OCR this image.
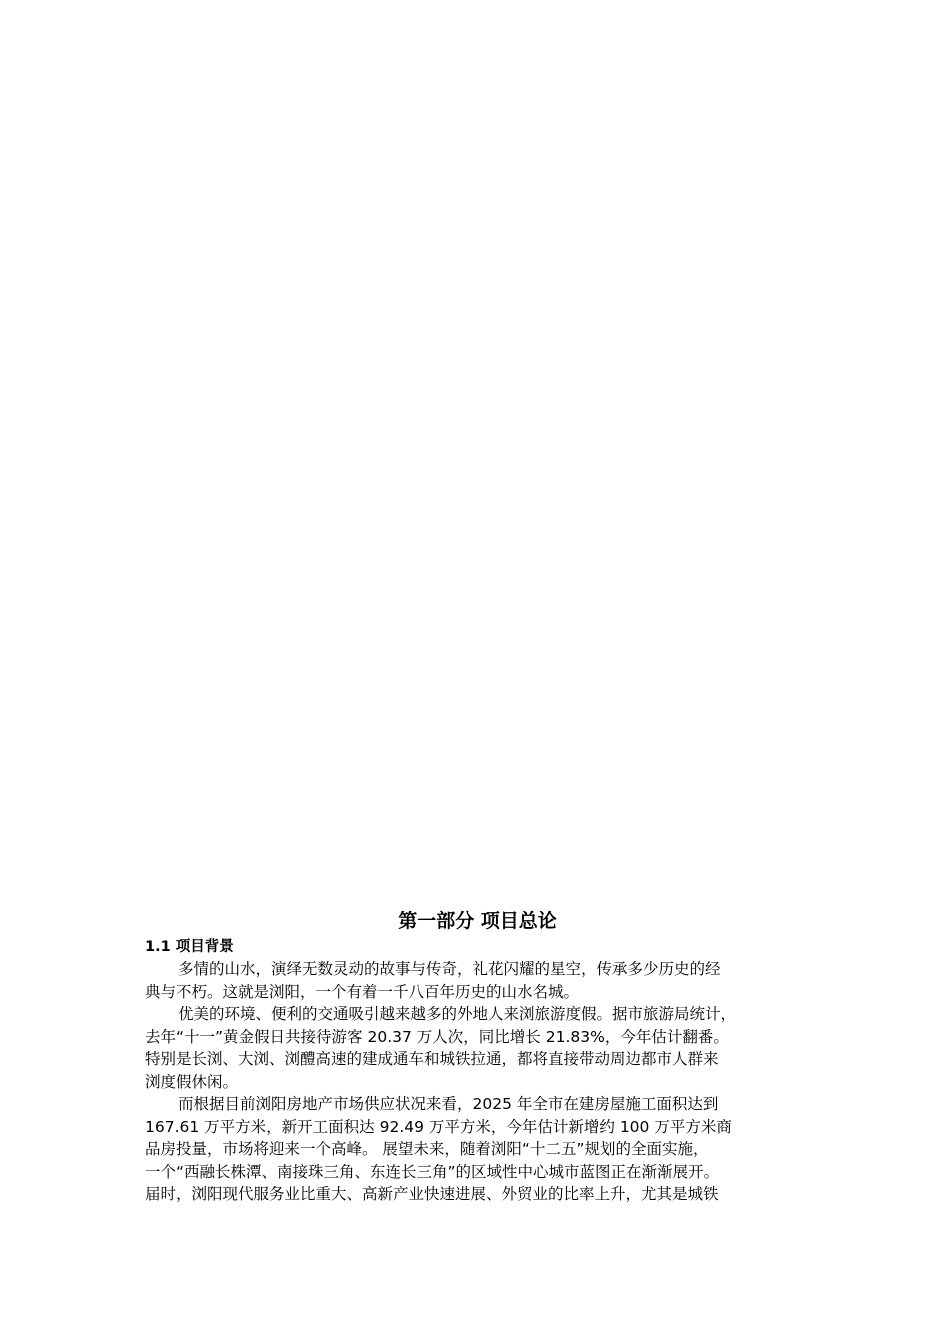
第一部分 项目总论
1.1 项目背景
多情的山水，演绎无数灵动的故事与传奇，礼花闪耀的星空，传承多少历史的经
典与不朽。这就是浏阳，一个有着一千八百年历史的山水名城。
优美的环境、便利的交通吸引越来越多的外地人来浏旅游度假。据市旅游局统计，
去年“十一”黄金假日共接待游客 20.37 万人次，同比增长 21.83%，今年估计翻番。
特别是长浏、大浏、浏醴高速的建成通车和城铁拉通，都将直接带动周边都市人群来
浏度假休闲。
而根据目前浏阳房地产市场供应状况来看，2025 年全市在建房屋施工面积达到
167.61 万平方米，新开工面积达 92.49 万平方米，今年估计新增约 100 万平方米商
品房投量，市场将迎来一个高峰。 展望未来，随着浏阳“十二五”规划的全面实施，
一个“西融长株潭、南接珠三角、东连长三角”的区域性中心城市蓝图正在渐渐展开。
届时，浏阳现代服务业比重大、高新产业快速进展、外贸业的比率上升，尤其是城铁
